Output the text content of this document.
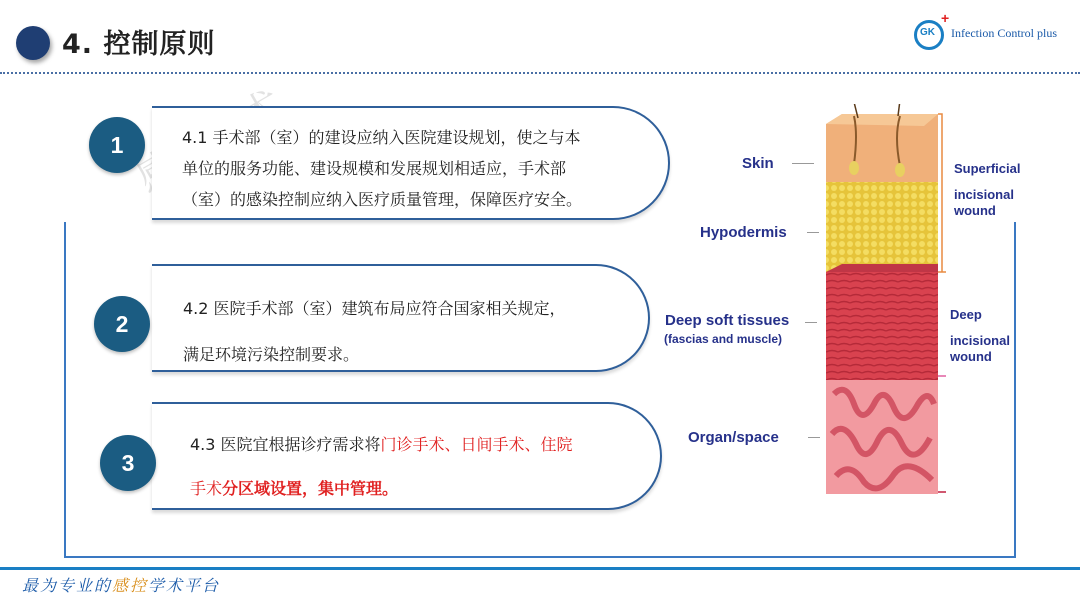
4. 控制原则	GK
+
Infection Control plus
1	4.1 手术部（室）的建设应纳入医院建设规划，使之与本
单位的服务功能、建设规模和发展规划相适应，手术部
（室）的感染控制应纳入医疗质量管理，保障医疗安全。
2
4.2 医院手术部（室）建筑布局应符合国家相关规定，
满足环境污染控制要求。
3
4.3 医院宜根据诊疗需求将门诊手术、日间手术、住院
手术分区域设置，集中管理。
Skin
Hypodermis
Deep soft tissues
(fascias and muscle)
Organ/space
Superficial
incisional
wound
Deep
incisional
wound
最为专业的感控学术平台
